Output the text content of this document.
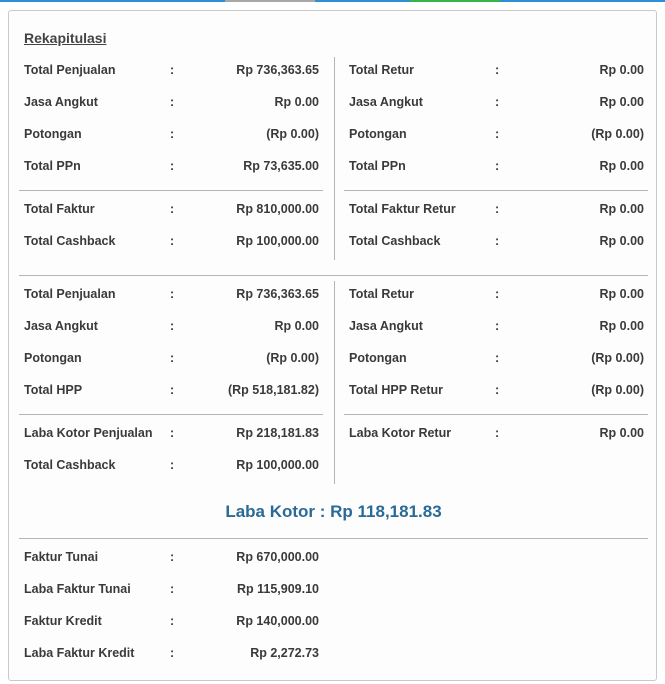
Rekapitulasi
Total Penjualan	:	Rp 736,363.65
Jasa Angkut	:	Rp 0.00
Potongan	:	(Rp 0.00)
Total PPn	:	Rp 73,635.00
Total Faktur	:	Rp 810,000.00
Total Cashback	:	Rp 100,000.00
Total Retur	:	Rp 0.00
Jasa Angkut	:	Rp 0.00
Potongan	:	(Rp 0.00)
Total PPn	:	Rp 0.00
Total Faktur Retur	:	Rp 0.00
Total Cashback	:	Rp 0.00
Total Penjualan	:	Rp 736,363.65
Jasa Angkut	:	Rp 0.00
Potongan	:	(Rp 0.00)
Total HPP	:	(Rp 518,181.82)
Laba Kotor Penjualan :	Rp 218,181.83
Total Cashback	:	Rp 100,000.00
Total Retur	:	Rp 0.00
Jasa Angkut	:	Rp 0.00
Potongan	:	(Rp 0.00)
Total HPP Retur	:	(Rp 0.00)
Laba Kotor Retur	:	Rp 0.00
Laba Kotor : Rp 118,181.83
Faktur Tunai	:	Rp 670,000.00
Laba Faktur Tunai	:	Rp 115,909.10
Faktur Kredit	:	Rp 140,000.00
Laba Faktur Kredit	:	Rp 2,272.73
